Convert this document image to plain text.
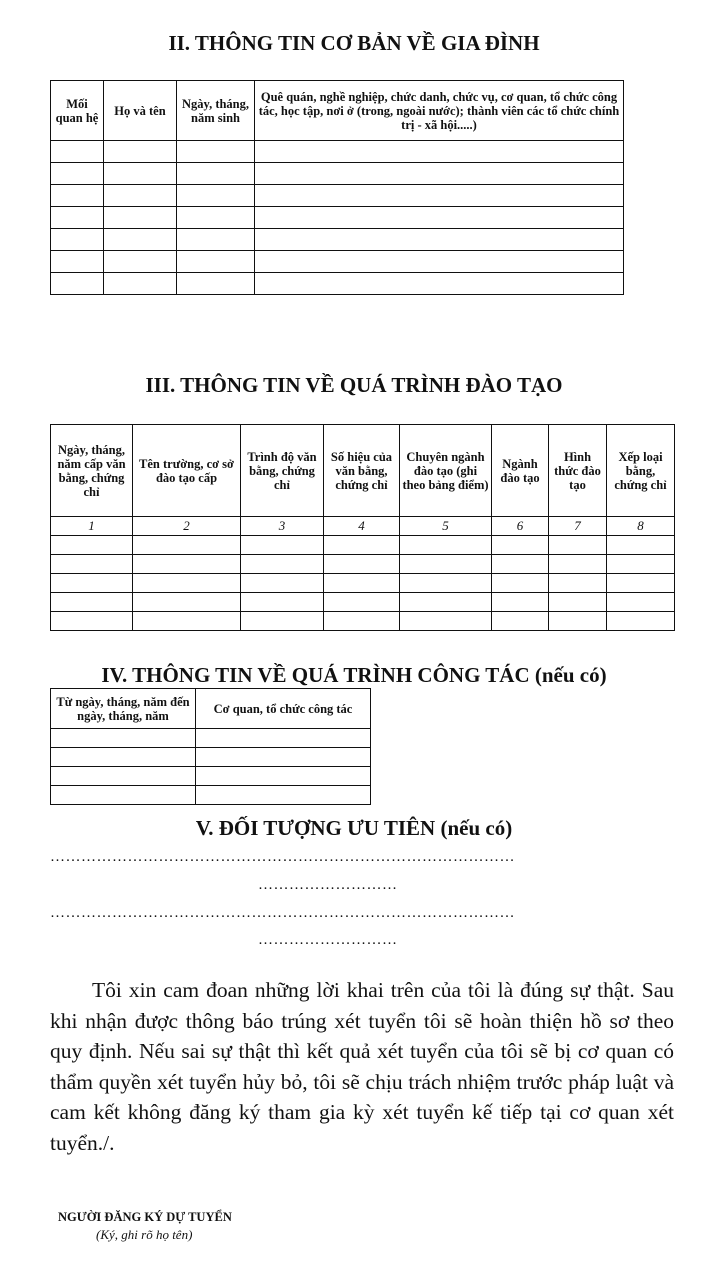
II. THÔNG TIN CƠ BẢN VỀ GIA ĐÌNH
Mối quan hệ	Họ và tên	Ngày, tháng, năm sinh	Quê quán, nghề nghiệp, chức danh, chức vụ, cơ quan, tổ chức công tác, học tập, nơi ở (trong, ngoài nước); thành viên các tổ chức chính trị - xã hội.....)

III. THÔNG TIN VỀ QUÁ TRÌNH ĐÀO TẠO
Ngày, tháng, năm cấp văn bằng, chứng chỉ	Tên trường, cơ sở đào tạo cấp	Trình độ văn bằng, chứng chỉ	Số hiệu của văn bằng, chứng chỉ	Chuyên ngành đào tạo (ghi theo bảng điểm)	Ngành đào tạo	Hình thức đào tạo	Xếp loại bằng, chứng chỉ
1	2	3	4	5	6	7	8

IV. THÔNG TIN VỀ QUÁ TRÌNH CÔNG TÁC (nếu có)
Từ ngày, tháng, năm đến ngày, tháng, năm	Cơ quan, tổ chức công tác

V. ĐỐI TƯỢNG ƯU TIÊN (nếu có)
………………………………………………………………………………
………………………
………………………………………………………………………………
………………………

Tôi xin cam đoan những lời khai trên của tôi là đúng sự thật. Sau khi nhận được thông báo trúng xét tuyển tôi sẽ hoàn thiện hồ sơ theo quy định. Nếu sai sự thật thì kết quả xét tuyển của tôi sẽ bị cơ quan có thẩm quyền xét tuyển hủy bỏ, tôi sẽ chịu trách nhiệm trước pháp luật và cam kết không đăng ký tham gia kỳ xét tuyển kế tiếp tại cơ quan xét tuyển./.

NGƯỜI ĐĂNG KÝ DỰ TUYỂN

(Ký, ghi rõ họ tên)
